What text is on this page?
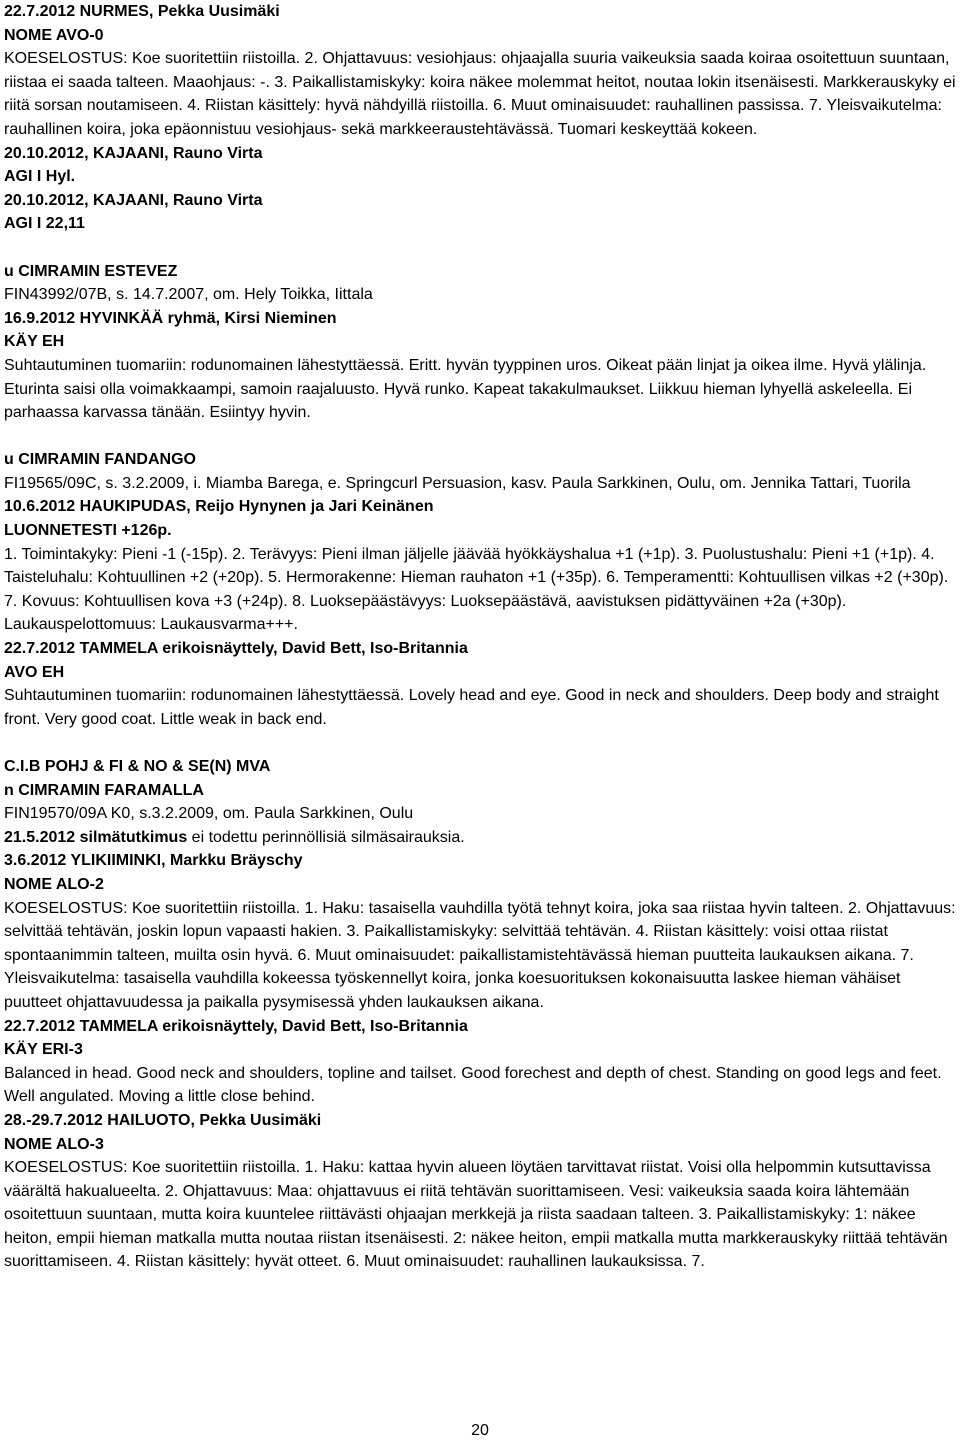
22.7.2012 NURMES, Pekka Uusimäki

NOME AVO-0

KOESELOSTUS: Koe suoritettiin riistoilla. 2. Ohjattavuus: vesiohjaus: ohjaajalla suuria vaikeuksia saada koiraa osoitettuun suuntaan, riistaa ei saada talteen. Maaohjaus: -. 3. Paikallistamiskyky: koira näkee molemmat heitot, noutaa lokin itsenäisesti. Markkerauskyky ei riitä sorsan noutamiseen. 4. Riistan käsittely: hyvä nähdyillä riistoilla. 6. Muut ominaisuudet: rauhallinen passissa. 7. Yleisvaikutelma: rauhallinen koira, joka epäonnistuu vesiohjaus- sekä markkeeraustehtävässä. Tuomari keskeyttää kokeen.

20.10.2012, KAJAANI, Rauno Virta

AGI I Hyl.

20.10.2012, KAJAANI, Rauno Virta

AGI I 22,11

u CIMRAMIN ESTEVEZ

FIN43992/07B, s. 14.7.2007, om. Hely Toikka, Iittala

16.9.2012 HYVINKÄÄ ryhmä, Kirsi Nieminen

KÄY EH

Suhtautuminen tuomariin: rodunomainen lähestyttäessä. Eritt. hyvän tyyppinen uros. Oikeat pään linjat ja oikea ilme. Hyvä ylälinja. Eturinta saisi olla voimakkaampi, samoin raajaluusto. Hyvä runko. Kapeat takakulmaukset. Liikkuu hieman lyhyellä askeleella. Ei parhaassa karvassa tänään. Esiintyy hyvin.

u CIMRAMIN FANDANGO

FI19565/09C, s. 3.2.2009, i. Miamba Barega, e. Springcurl Persuasion, kasv. Paula Sarkkinen, Oulu, om. Jennika Tattari, Tuorila

10.6.2012 HAUKIPUDAS, Reijo Hynynen ja Jari Keinänen

LUONNETESTI +126p.

1. Toimintakyky: Pieni -1 (-15p). 2. Terävyys: Pieni ilman jäljelle jäävää hyökkäyshalua +1 (+1p). 3. Puolustushalu: Pieni +1 (+1p). 4. Taisteluhalu: Kohtuullinen +2 (+20p). 5. Hermorakenne: Hieman rauhaton +1 (+35p). 6. Temperamentti: Kohtuullisen vilkas +2 (+30p). 7. Kovuus: Kohtuullisen kova +3 (+24p). 8. Luoksepäästävyys: Luoksepäästävä, aavistuksen pidättyväinen +2a (+30p). Laukauspelottomuus: Laukausvarma+++.

22.7.2012 TAMMELA erikoisnäyttely, David Bett, Iso-Britannia

AVO EH

Suhtautuminen tuomariin: rodunomainen lähestyttäessä. Lovely head and eye. Good in neck and shoulders. Deep body and straight front. Very good coat. Little weak in back end.

C.I.B POHJ & FI & NO & SE(N) MVA

n CIMRAMIN FARAMALLA

FIN19570/09A K0, s.3.2.2009, om. Paula Sarkkinen, Oulu

21.5.2012 silmätutkimus ei todettu perinnöllisiä silmäsairauksia.

3.6.2012 YLIKIIMINKI, Markku Bräyschy

NOME ALO-2

KOESELOSTUS: Koe suoritettiin riistoilla. 1. Haku: tasaisella vauhdilla työtä tehnyt koira, joka saa riistaa hyvin talteen. 2. Ohjattavuus: selvittää tehtävän, joskin lopun vapaasti hakien. 3. Paikallistamiskyky: selvittää tehtävän. 4. Riistan käsittely: voisi ottaa riistat spontaanimmin talteen, muilta osin hyvä. 6. Muut ominaisuudet: paikallistamistehtävässä hieman puutteita laukauksen aikana. 7. Yleisvaikutelma: tasaisella vauhdilla kokeessa työskennellyt koira, jonka koesuorituksen kokonaisuutta laskee hieman vähäiset puutteet ohjattavuudessa ja paikalla pysymisessä yhden laukauksen aikana.

22.7.2012 TAMMELA erikoisnäyttely, David Bett, Iso-Britannia

KÄY ERI-3

Balanced in head. Good neck and shoulders, topline and tailset. Good forechest and depth of chest. Standing on good legs and feet. Well angulated. Moving a little close behind.

28.-29.7.2012 HAILUOTO, Pekka Uusimäki

NOME ALO-3

KOESELOSTUS: Koe suoritettiin riistoilla. 1. Haku: kattaa hyvin alueen löytäen tarvittavat riistat. Voisi olla helpommin kutsuttavissa väärältä hakualueelta. 2. Ohjattavuus: Maa: ohjattavuus ei riitä tehtävän suorittamiseen. Vesi: vaikeuksia saada koira lähtemään osoitettuun suuntaan, mutta koira kuuntelee riittävästi ohjaajan merkkejä ja riista saadaan talteen. 3. Paikallistamiskyky: 1: näkee heiton, empii hieman matkalla mutta noutaa riistan itsenäisesti. 2: näkee heiton, empii matkalla mutta markkerauskyky riittää tehtävän suorittamiseen. 4. Riistan käsittely: hyvät otteet. 6. Muut ominaisuudet: rauhallinen laukauksissa. 7.

20
